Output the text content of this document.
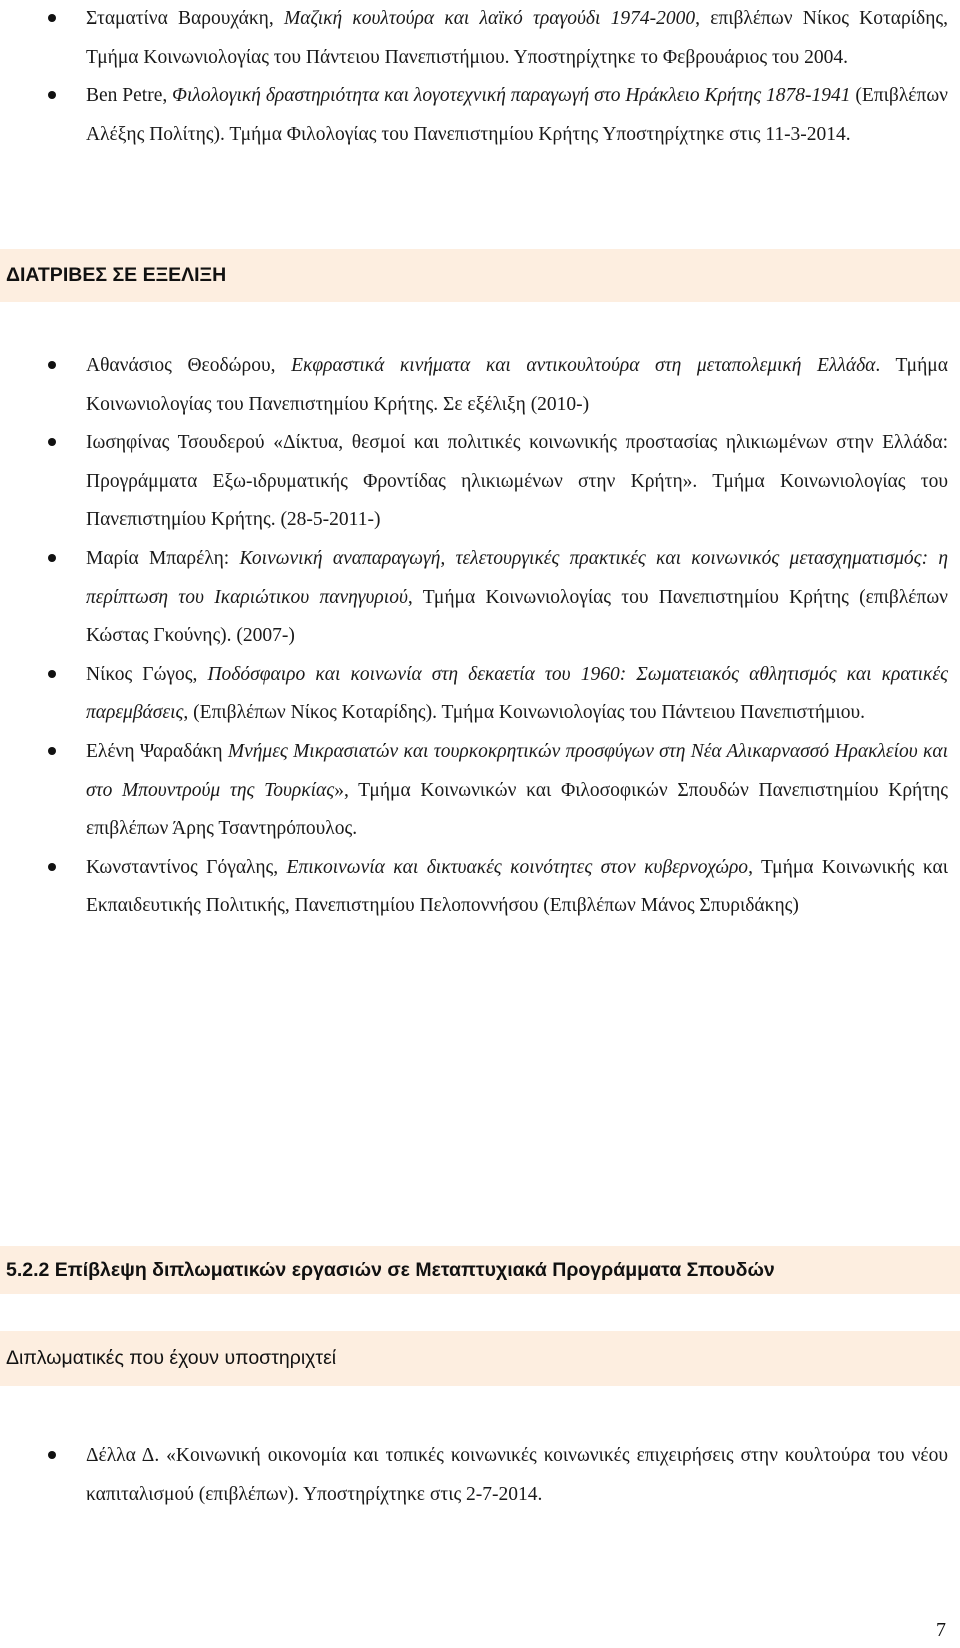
Σταματίνα Βαρουχάκη, Μαζική κουλτούρα και λαϊκό τραγούδι 1974-2000, επιβλέπων Νίκος Κοταρίδης, Τμήμα Κοινωνιολογίας του Πάντειου Πανεπιστήμιου. Υποστηρίχτηκε το Φεβρουάριος του 2004.
Ben Petre, Φιλολογική δραστηριότητα και λογοτεχνική παραγωγή στο Ηράκλειο Κρήτης 1878-1941 (Επιβλέπων Αλέξης Πολίτης). Τμήμα Φιλολογίας του Πανεπιστημίου Κρήτης Υποστηρίχτηκε στις 11-3-2014.
ΔΙΑΤΡΙΒΕΣ ΣΕ ΕΞΕΛΙΞΗ
Αθανάσιος Θεοδώρου, Εκφραστικά κινήματα και αντικουλτούρα στη μεταπολεμική Ελλάδα. Τμήμα Κοινωνιολογίας του Πανεπιστημίου Κρήτης. Σε εξέλιξη (2010-)
Ιωσηφίνας Τσουδερού «Δίκτυα, θεσμοί και πολιτικές κοινωνικής προστασίας ηλικιωμένων στην Ελλάδα: Προγράμματα Εξω-ιδρυματικής Φροντίδας ηλικιωμένων στην Κρήτη». Τμήμα Κοινωνιολογίας του Πανεπιστημίου Κρήτης. (28-5-2011-)
Μαρία Μπαρέλη: Κοινωνική αναπαραγωγή, τελετουργικές πρακτικές και κοινωνικός μετασχηματισμός: η περίπτωση του Ικαριώτικου πανηγυριού, Τμήμα Κοινωνιολογίας του Πανεπιστημίου Κρήτης (επιβλέπων Κώστας Γκούνης). (2007-)
Νίκος Γώγος, Ποδόσφαιρο και κοινωνία στη δεκαετία του 1960: Σωματειακός αθλητισμός και κρατικές παρεμβάσεις, (Επιβλέπων Νίκος Κοταρίδης). Τμήμα Κοινωνιολογίας του Πάντειου Πανεπιστήμιου.
Ελένη Ψαραδάκη Μνήμες Μικρασιατών και τουρκοκρητικών προσφύγων στη Νέα Αλικαρνασσό Ηρακλείου και στο Μπουντρούμ της Τουρκίας», Τμήμα Κοινωνικών και Φιλοσοφικών Σπουδών Πανεπιστημίου Κρήτης επιβλέπων Άρης Τσαντηρόπουλος.
Κωνσταντίνος Γόγαλης, Επικοινωνία και δικτυακές κοινότητες στον κυβερνοχώρο, Τμήμα Κοινωνικής και Εκπαιδευτικής Πολιτικής, Πανεπιστημίου Πελοποννήσου (Επιβλέπων Μάνος Σπυριδάκης)
5.2.2 Επίβλεψη διπλωματικών εργασιών σε Μεταπτυχιακά Προγράμματα Σπουδών
Διπλωματικές που έχουν υποστηριχτεί
Δέλλα Δ. «Κοινωνική οικονομία και τοπικές κοινωνικές κοινωνικές επιχειρήσεις στην κουλτούρα του νέου καπιταλισμού (επιβλέπων). Υποστηρίχτηκε στις 2-7-2014.
7
